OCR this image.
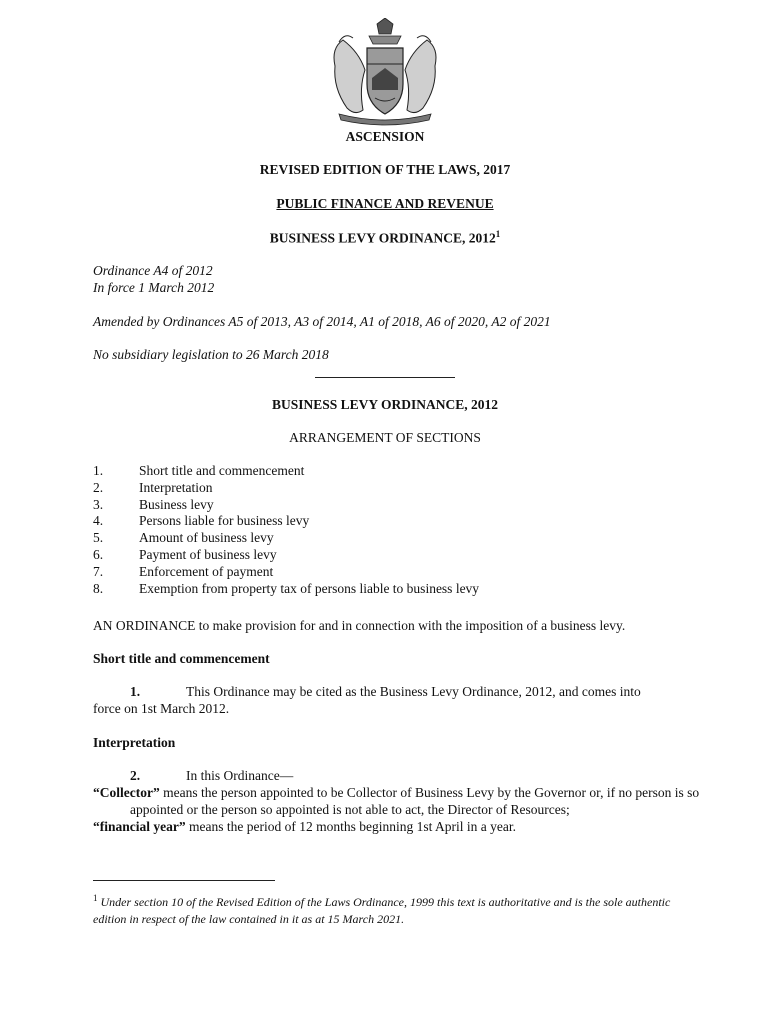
ASCENSION
REVISED EDITION OF THE LAWS, 2017
PUBLIC FINANCE AND REVENUE
BUSINESS LEVY ORDINANCE, 2012$^1$
Ordinance A4 of 2012
In force 1 March 2012
Amended by Ordinances A5 of 2013, A3 of 2014, A1 of 2018, A6 of 2020, A2 of 2021
No subsidiary legislation to 26 March 2018
BUSINESS LEVY ORDINANCE, 2012
ARRANGEMENT OF SECTIONS
1.	Short title and commencement
2.	Interpretation
3.	Business levy
4.	Persons liable for business levy
5.	Amount of business levy
6.	Payment of business levy
7.	Enforcement of payment
8.	Exemption from property tax of persons liable to business levy
AN ORDINANCE to make provision for and in connection with the imposition of a business levy.
Short title and commencement
1.	This Ordinance may be cited as the Business Levy Ordinance, 2012, and comes into
force on 1st March 2012.
Interpretation
2.	In this Ordinance—
“Collector” means the person appointed to be Collector of Business Levy by the Governor or, if no person is so appointed or the person so appointed is not able to act, the Director of Resources;
“financial year” means the period of 12 months beginning 1st April in a year.
$^1$ Under section 10 of the Revised Edition of the Laws Ordinance, 1999 this text is authoritative and is the sole authentic edition in respect of the law contained in it as at 15 March 2021.
